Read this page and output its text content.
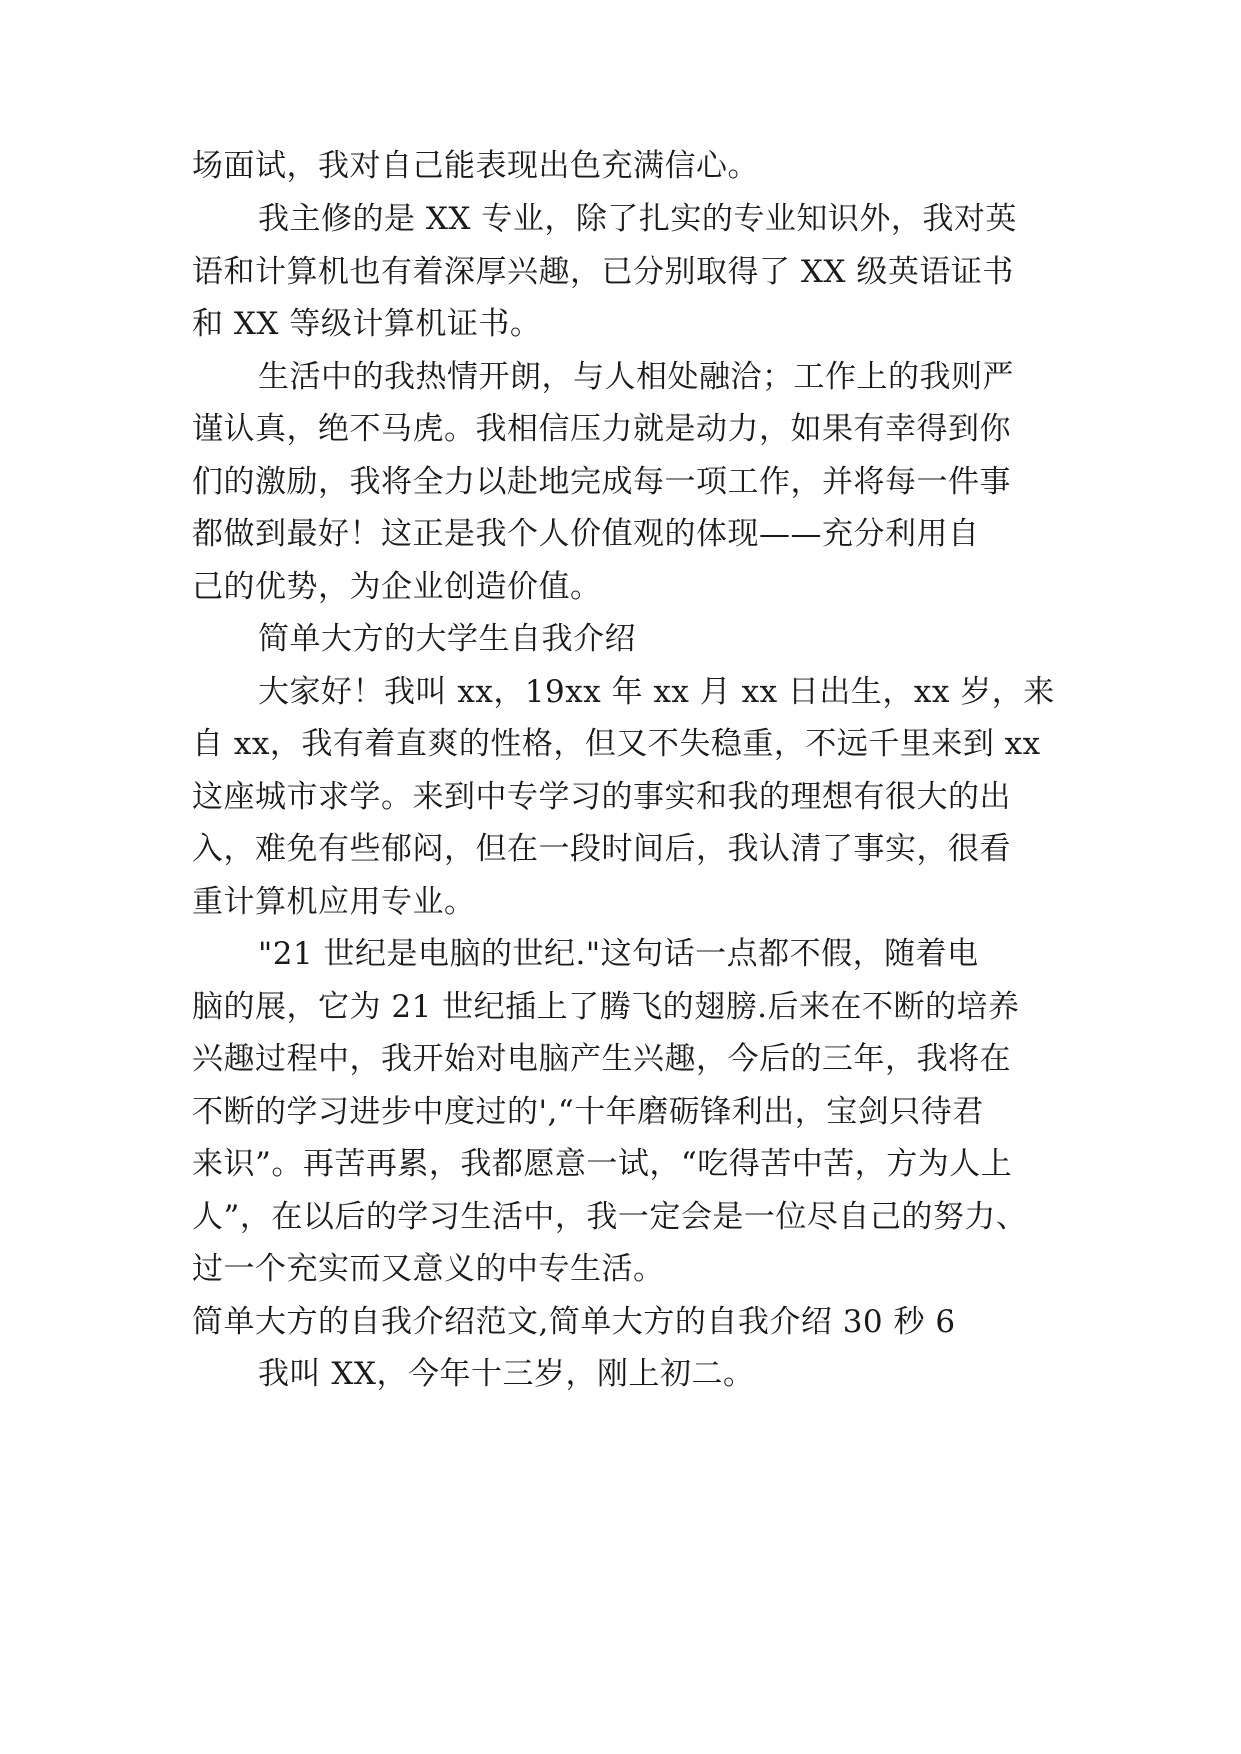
场面试，我对自己能表现出色充满信心。
我主修的是 XX 专业，除了扎实的专业知识外，我对英
语和计算机也有着深厚兴趣，已分别取得了 XX 级英语证书
和 XX 等级计算机证书。
生活中的我热情开朗，与人相处融洽；工作上的我则严
谨认真，绝不马虎。我相信压力就是动力，如果有幸得到你
们的激励，我将全力以赴地完成每一项工作，并将每一件事
都做到最好！这正是我个人价值观的体现——充分利用自
己的优势，为企业创造价值。
简单大方的大学生自我介绍
大家好！我叫 xx，19xx 年 xx 月 xx 日出生，xx 岁，来
自 xx，我有着直爽的性格，但又不失稳重，不远千里来到 xx
这座城市求学。来到中专学习的事实和我的理想有很大的出
入，难免有些郁闷，但在一段时间后，我认清了事实，很看
重计算机应用专业。
"21 世纪是电脑的世纪."这句话一点都不假，随着电
脑的展，它为 21 世纪插上了腾飞的翅膀.后来在不断的培养
兴趣过程中，我开始对电脑产生兴趣，今后的三年，我将在
不断的学习进步中度过的',“十年磨砺锋利出，宝剑只待君
来识”。再苦再累，我都愿意一试，“吃得苦中苦，方为人上
人”，在以后的学习生活中，我一定会是一位尽自己的努力、
过一个充实而又意义的中专生活。
简单大方的自我介绍范文,简单大方的自我介绍 30 秒 6
我叫 XX，今年十三岁，刚上初二。
